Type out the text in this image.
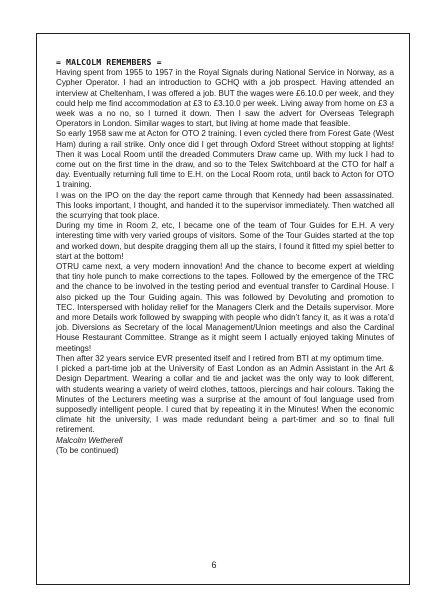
= MALCOLM REMEMBERS =

Having spent from 1955 to 1957 in the Royal Signals during National Service in Norway, as a Cypher Operator. I had an introduction to GCHQ with a job prospect. Having attended an interview at Cheltenham, I was offered a job. BUT the wages were £6.10.0 per week, and they could help me find accommodation at £3 to £3.10.0 per week. Living away from home on £3 a week was a no no, so I turned it down. Then I saw the advert for Overseas Telegraph Operators in London. Similar wages to start, but living at home made that feasible.

So early 1958 saw me at Acton for OTO 2 training. I even cycled there from Forest Gate (West Ham) during a rail strike. Only once did I get through Oxford Street without stopping at lights! Then it was Local Room until the dreaded Commuters Draw came up. With my luck I had to come out on the first time in the draw, and so to the Telex Switchboard at the CTO for half a day. Eventually returning full time to E.H. on the Local Room rota, until back to Acton for OTO 1 training.

I was on the IPO on the day the report came through that Kennedy had been assassinated. This looks important, I thought, and handed it to the supervisor immediately. Then watched all the scurrying that took place.

During my time in Room 2, etc, I became one of the team of Tour Guides for E.H. A very interesting time with very varied groups of visitors. Some of the Tour Guides started at the top and worked down, but despite dragging them all up the stairs, I found it fitted my spiel better to start at the bottom!

OTRU came next, a very modern innovation! And the chance to become expert at wielding that tiny hole punch to make corrections to the tapes. Followed by the emergence of the TRC and the chance to be involved in the testing period and eventual transfer to Cardinal House. I also picked up the Tour Guiding again. This was followed by Devoluting and promotion to TEC. Interspersed with holiday relief for the Managers Clerk and the Details supervisor. More and more Details work followed by swapping with people who didn’t fancy it, as it was a rota’d job. Diversions as Secretary of the local Management/Union meetings and also the Cardinal House Restaurant Committee. Strange as it might seem I actually enjoyed taking Minutes of meetings!

Then after 32 years service EVR presented itself and I retired from BTI at my optimum time.

I picked a part-time job at the University of East London as an Admin Assistant in the Art & Design Department. Wearing a collar and tie and jacket was the only way to look different, with students wearing a variety of weird clothes, tattoos, piercings and hair colours. Taking the Minutes of the Lecturers meeting was a surprise at the amount of foul language used from supposedly intelligent people. I cured that by repeating it in the Minutes! When the economic climate hit the university, I was made redundant being a part-timer and so to final full retirement.

Malcolm Wetherell

(To be continued)

6
